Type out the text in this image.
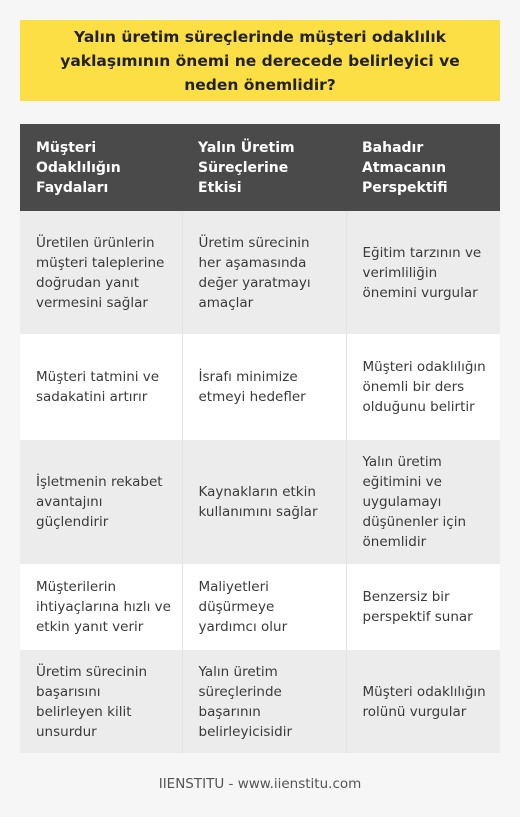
Yalın üretim süreçlerinde müşteri odaklılık yaklaşımının önemi ne derecede belirleyici ve neden önemlidir?
Müşteri Odaklılığın Faydaları	Yalın Üretim Süreçlerine Etkisi	Bahadır Atmacanın Perspektifi
Üretilen ürünlerin müşteri taleplerine doğrudan yanıt vermesini sağlar	Üretim sürecinin her aşamasında değer yaratmayı amaçlar	Eğitim tarzının ve verimliliğin önemini vurgular
Müşteri tatmini ve sadakatini artırır	İsrafı minimize etmeyi hedefler	Müşteri odaklılığın önemli bir ders olduğunu belirtir
İşletmenin rekabet avantajını güçlendirir	Kaynakların etkin kullanımını sağlar	Yalın üretim eğitimini ve uygulamayı düşünenler için önemlidir
Müşterilerin ihtiyaçlarına hızlı ve etkin yanıt verir	Maliyetleri düşürmeye yardımcı olur	Benzersiz bir perspektif sunar
Üretim sürecinin başarısını belirleyen kilit unsurdur	Yalın üretim süreçlerinde başarının belirleyicisidir	Müşteri odaklılığın rolünü vurgular
IIENSTITU - www.iienstitu.com
